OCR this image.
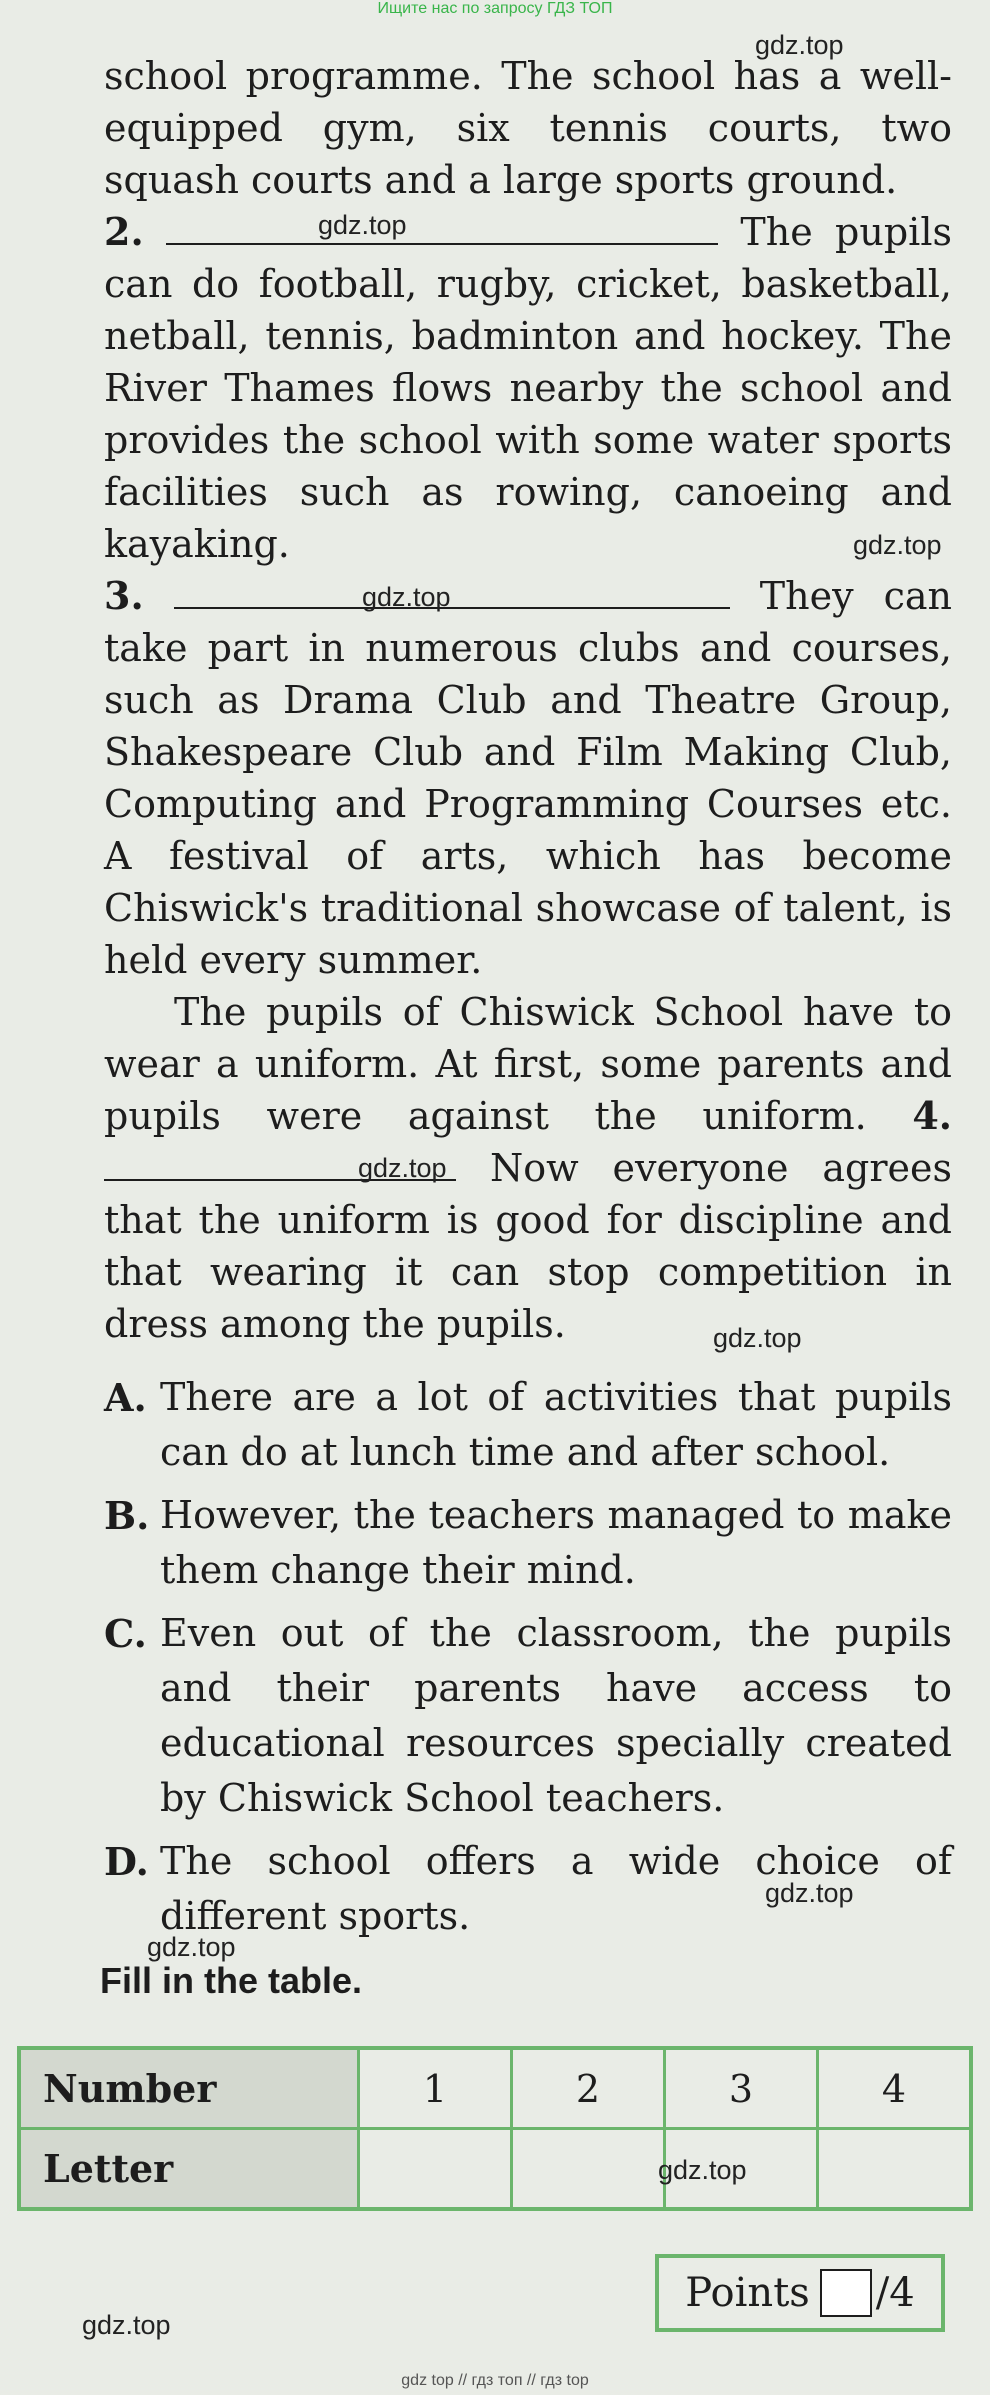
Ищите нас по запросу ГДЗ ТОП

school programme. The school has a well-equipped gym, six tennis courts, two squash courts and a large sports ground.

2.	The pupils can do football, rugby, cricket, basketball, netball, tennis, badminton and hockey. The River Thames flows nearby the school and provides the school with some water sports facilities such as rowing, canoeing and kayaking.

3.	They can take part in numerous clubs and courses, such as Drama Club and Theatre Group, Shakespeare Club and Film Making Club, Computing and Programming Courses etc. A festival of arts, which has become Chiswick's traditional showcase of talent, is held every summer.

The pupils of Chiswick School have to wear a uniform. At first, some parents and pupils were against the uniform. 4.  Now everyone agrees that the uniform is good for discipline and that wearing it can stop competition in dress among the pupils.

A. There are a lot of activities that pupils can do at lunch time and after school.
B. However, the teachers managed to make them change their mind.
C. Even out of the classroom, the pupils and their parents have access to educational resources specially created by Chiswick School teachers.
D. The school offers a wide choice of different sports.
Fill in the table.
Number	1	2	3	4
Letter				
Points /4
gdz.top
gdz.top
gdz.top
gdz.top
gdz.top
gdz.top
gdz.top
gdz.top
gdz.top
gdz.top
gdz top // гдз топ // гдз top
